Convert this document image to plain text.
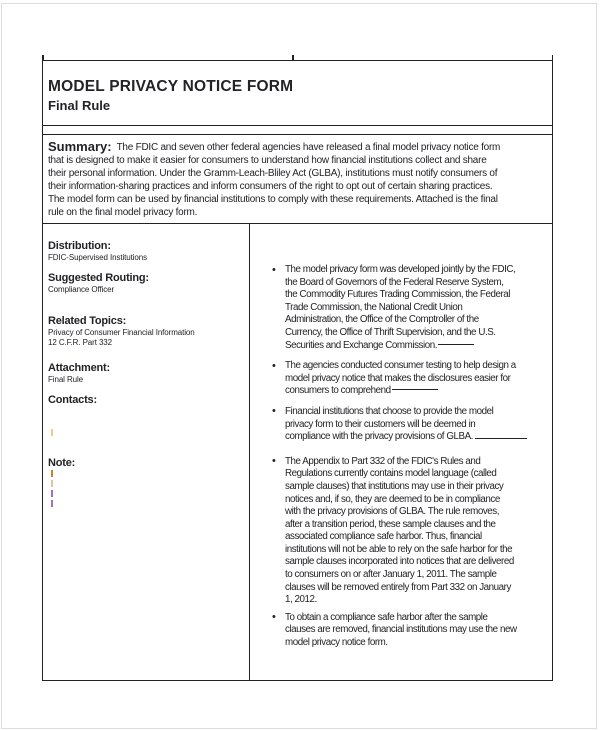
MODEL PRIVACY NOTICE FORM
Final Rule
Summary: The FDIC and seven other federal agencies have released a final model privacy notice form
that is designed to make it easier for consumers to understand how financial institutions collect and share
their personal information. Under the Gramm-Leach-Bliley Act (GLBA), institutions must notify consumers of
their information-sharing practices and inform consumers of the right to opt out of certain sharing practices.
The model form can be used by financial institutions to comply with these requirements. Attached is the final
rule on the final model privacy form.
Distribution:
FDIC-Supervised Institutions
Suggested Routing:
Compliance Officer
Related Topics:
Privacy of Consumer Financial Information
12 C.F.R. Part 332
Attachment:
Final Rule
Contacts:
Note:
• The model privacy form was developed jointly by the FDIC,
the Board of Governors of the Federal Reserve System,
the Commodity Futures Trading Commission, the Federal
Trade Commission, the National Credit Union
Administration, the Office of the Comptroller of the
Currency, the Office of Thrift Supervision, and the U.S.
Securities and Exchange Commission.
• The agencies conducted consumer testing to help design a
model privacy notice that makes the disclosures easier for
consumers to comprehend
• Financial institutions that choose to provide the model
privacy form to their customers will be deemed in
compliance with the privacy provisions of GLBA.
• The Appendix to Part 332 of the FDIC's Rules and
Regulations currently contains model language (called
sample clauses) that institutions may use in their privacy
notices and, if so, they are deemed to be in compliance
with the privacy provisions of GLBA. The rule removes,
after a transition period, these sample clauses and the
associated compliance safe harbor. Thus, financial
institutions will not be able to rely on the safe harbor for the
sample clauses incorporated into notices that are delivered
to consumers on or after January 1, 2011. The sample
clauses will be removed entirely from Part 332 on January
1, 2012.
• To obtain a compliance safe harbor after the sample
clauses are removed, financial institutions may use the new
model privacy notice form.
